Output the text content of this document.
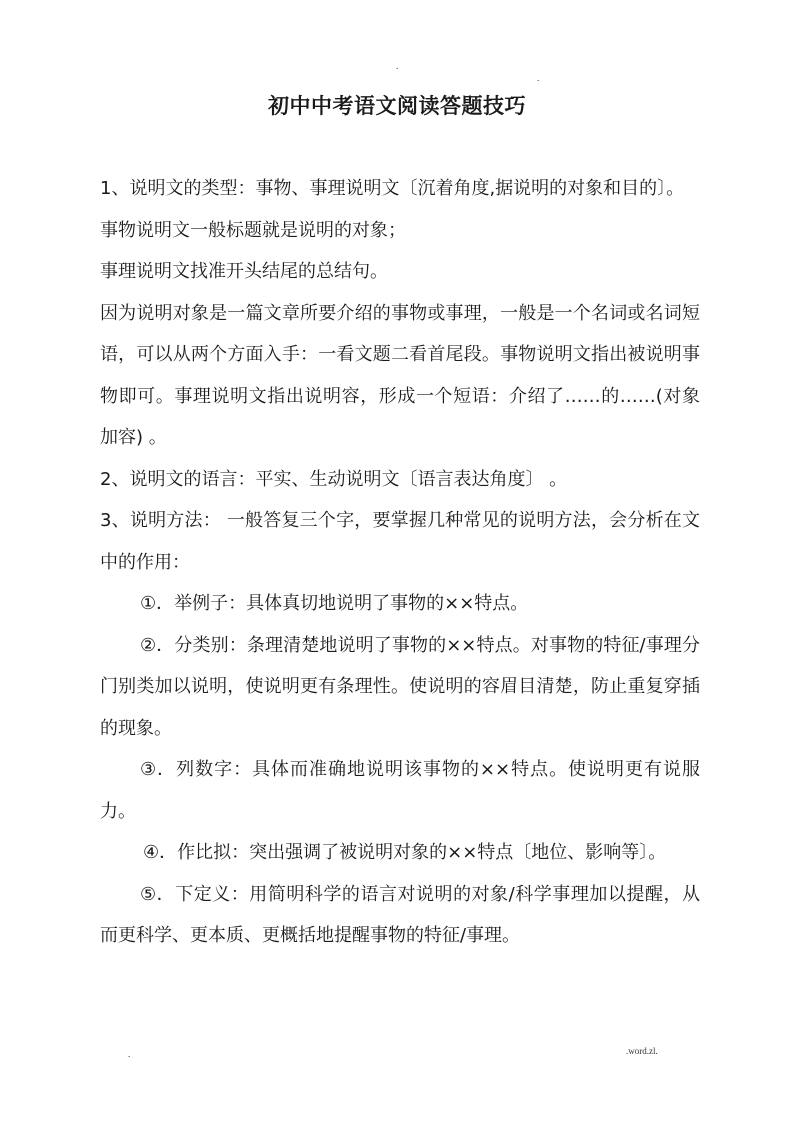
.
.
初中中考语文阅读答题技巧

1、说明文的类型：事物、事理说明文〔沉着角度,据说明的对象和目的〕。

事物说明文一般标题就是说明的对象；

事理说明文找准开头结尾的总结句。

因为说明对象是一篇文章所要介绍的事物或事理，一般是一个名词或名词短语，可以从两个方面入手：一看文题二看首尾段。事物说明文指出被说明事物即可。事理说明文指出说明容，形成一个短语：介绍了……的……(对象加容) 。

2、说明文的语言：平实、生动说明文〔语言表达角度〕 。

3、说明方法： 一般答复三个字，要掌握几种常见的说明方法，会分析在文中的作用：

①．举例子：具体真切地说明了事物的××特点。

②．分类别：条理清楚地说明了事物的××特点。对事物的特征/事理分门别类加以说明，使说明更有条理性。使说明的容眉目清楚，防止重复穿插的现象。

③．列数字：具体而准确地说明该事物的××特点。使说明更有说服力。

④．作比拟：突出强调了被说明对象的××特点〔地位、影响等〕。

⑤．下定义：用简明科学的语言对说明的对象/科学事理加以提醒，从而更科学、更本质、更概括地提醒事物的特征/事理。

.	.word.zl.
